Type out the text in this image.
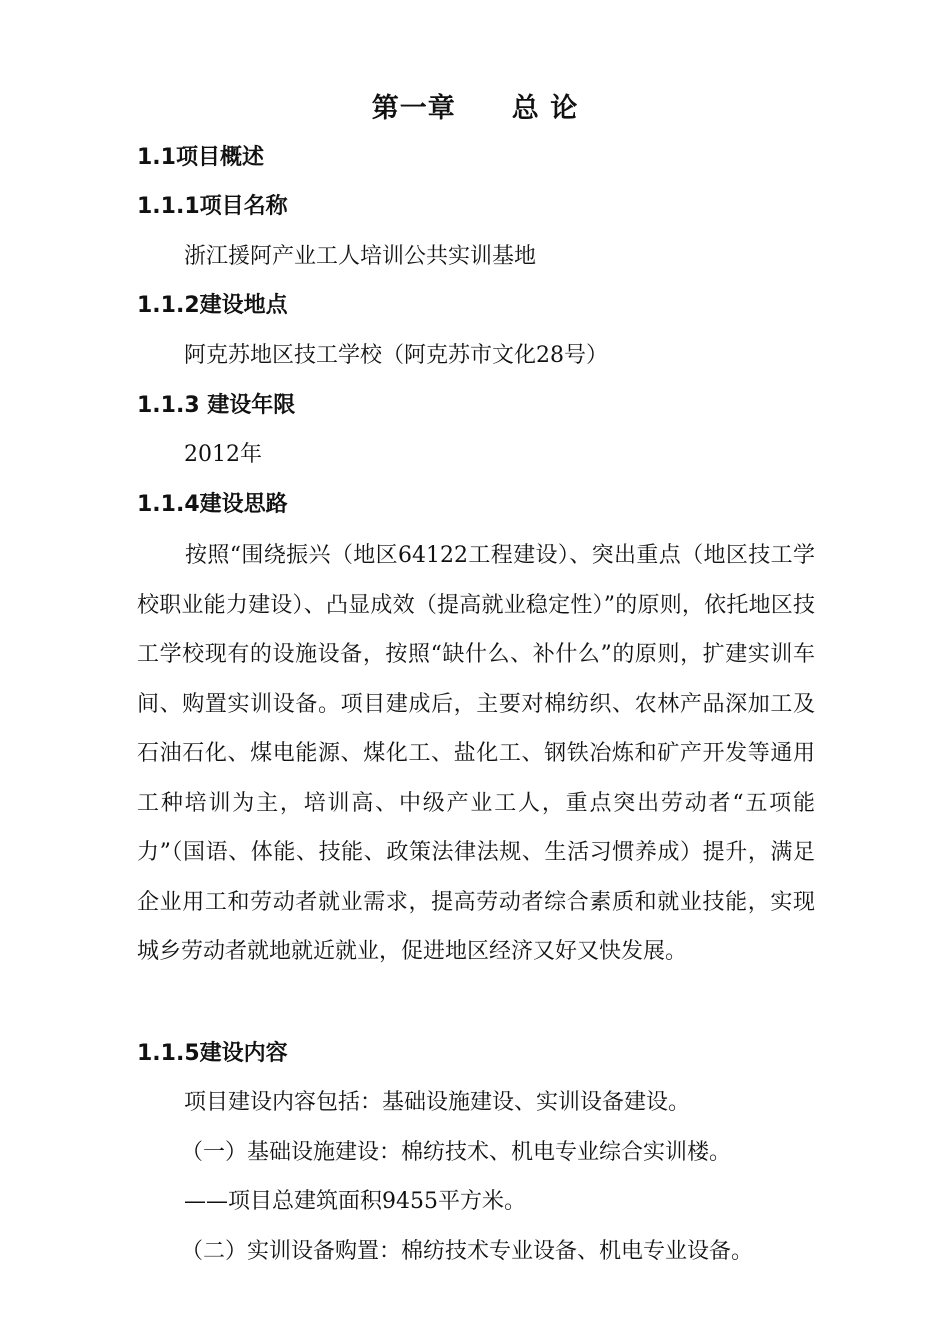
第一章　　总 论
1.1项目概述
1.1.1项目名称
浙江援阿产业工人培训公共实训基地
1.1.2建设地点
阿克苏地区技工学校（阿克苏市文化28号）
1.1.3 建设年限
2012年
1.1.4建设思路

按照“围绕振兴（地区64122工程建设）、突出重点（地区技工学校职业能力建设）、凸显成效（提高就业稳定性）”的原则，依托地区技工学校现有的设施设备，按照“缺什么、补什么”的原则，扩建实训车间、购置实训设备。项目建成后，主要对棉纺织、农林产品深加工及石油石化、煤电能源、煤化工、盐化工、钢铁冶炼和矿产开发等通用工种培训为主，培训高、中级产业工人，重点突出劳动者“五项能力”（国语、体能、技能、政策法律法规、生活习惯养成）提升，满足企业用工和劳动者就业需求，提高劳动者综合素质和就业技能，实现城乡劳动者就地就近就业，促进地区经济又好又快发展。

1.1.5建设内容
项目建设内容包括：基础设施建设、实训设备建设。
（一）基础设施建设：棉纺技术、机电专业综合实训楼。
——项目总建筑面积9455平方米。
（二）实训设备购置：棉纺技术专业设备、机电专业设备。
